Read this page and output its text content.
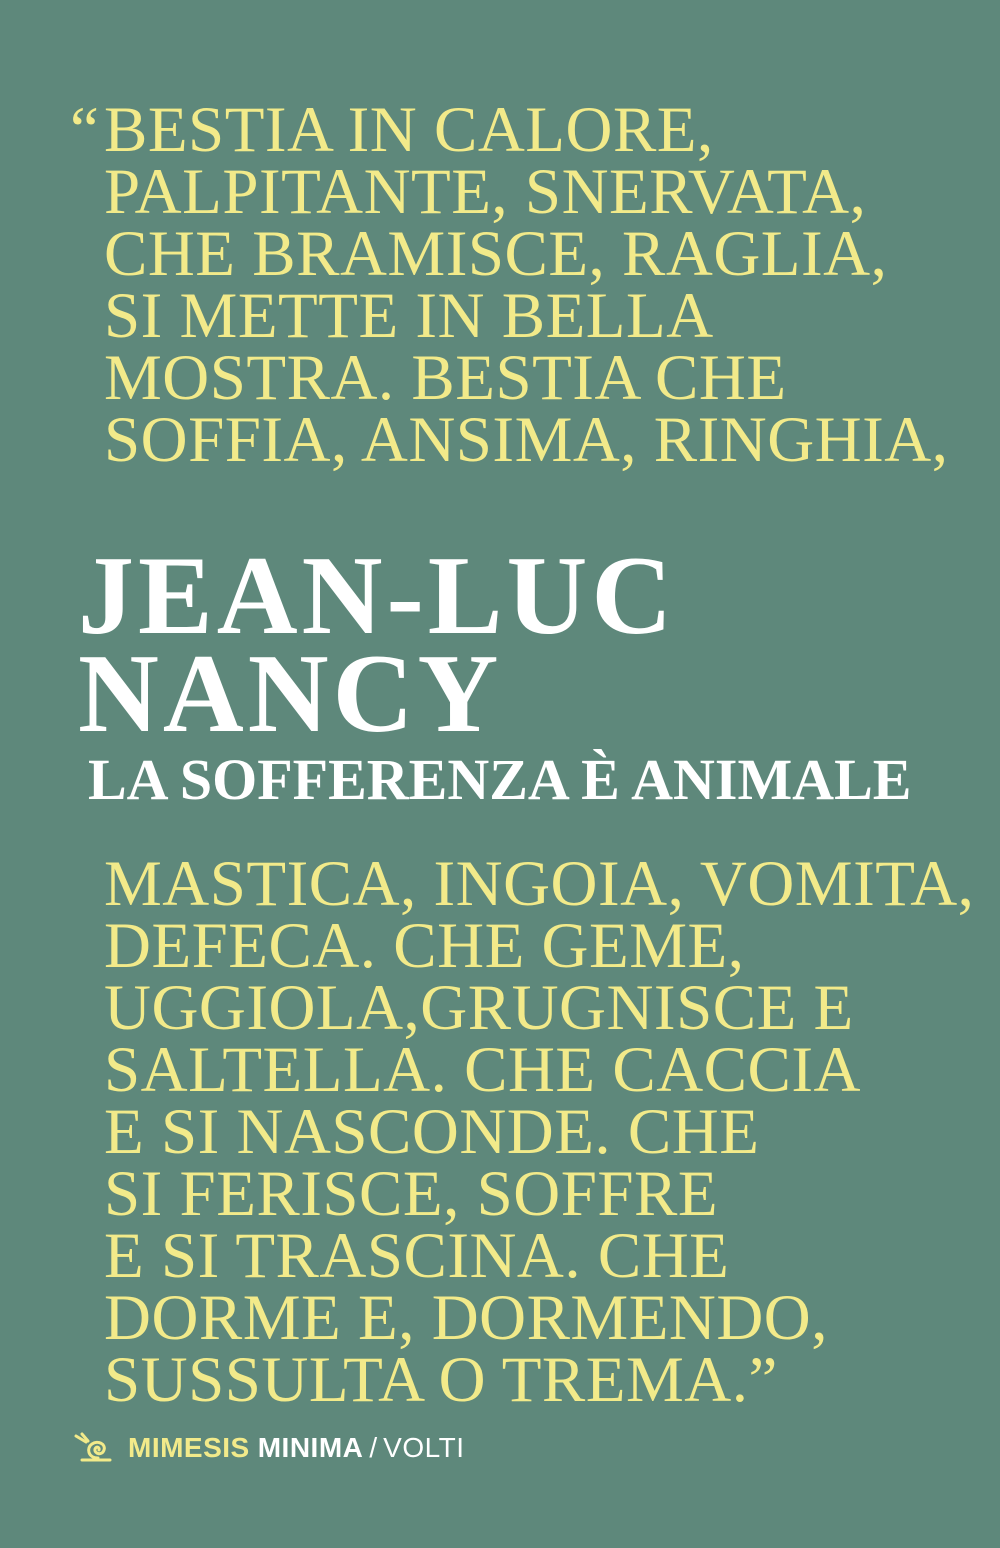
“ BESTIA IN CALORE,

PALPITANTE, SNERVATA,

CHE BRAMISCE, RAGLIA,

SI METTE IN BELLA

MOSTRA. BESTIA CHE

SOFFIA, ANSIMA, RINGHIA,

JEAN-LUC
NANCY
LA SOFFERENZA È ANIMALE

MASTICA, INGOIA, VOMITA,

DEFECA. CHE GEME,

UGGIOLA,GRUGNISCE E

SALTELLA. CHE CACCIA

E SI NASCONDE. CHE

SI FERISCE, SOFFRE

E SI TRASCINA. CHE

DORME E, DORMENDO,

MIMESIS MINIMA / VOLTI

SUSSULTA O TREMA.”
